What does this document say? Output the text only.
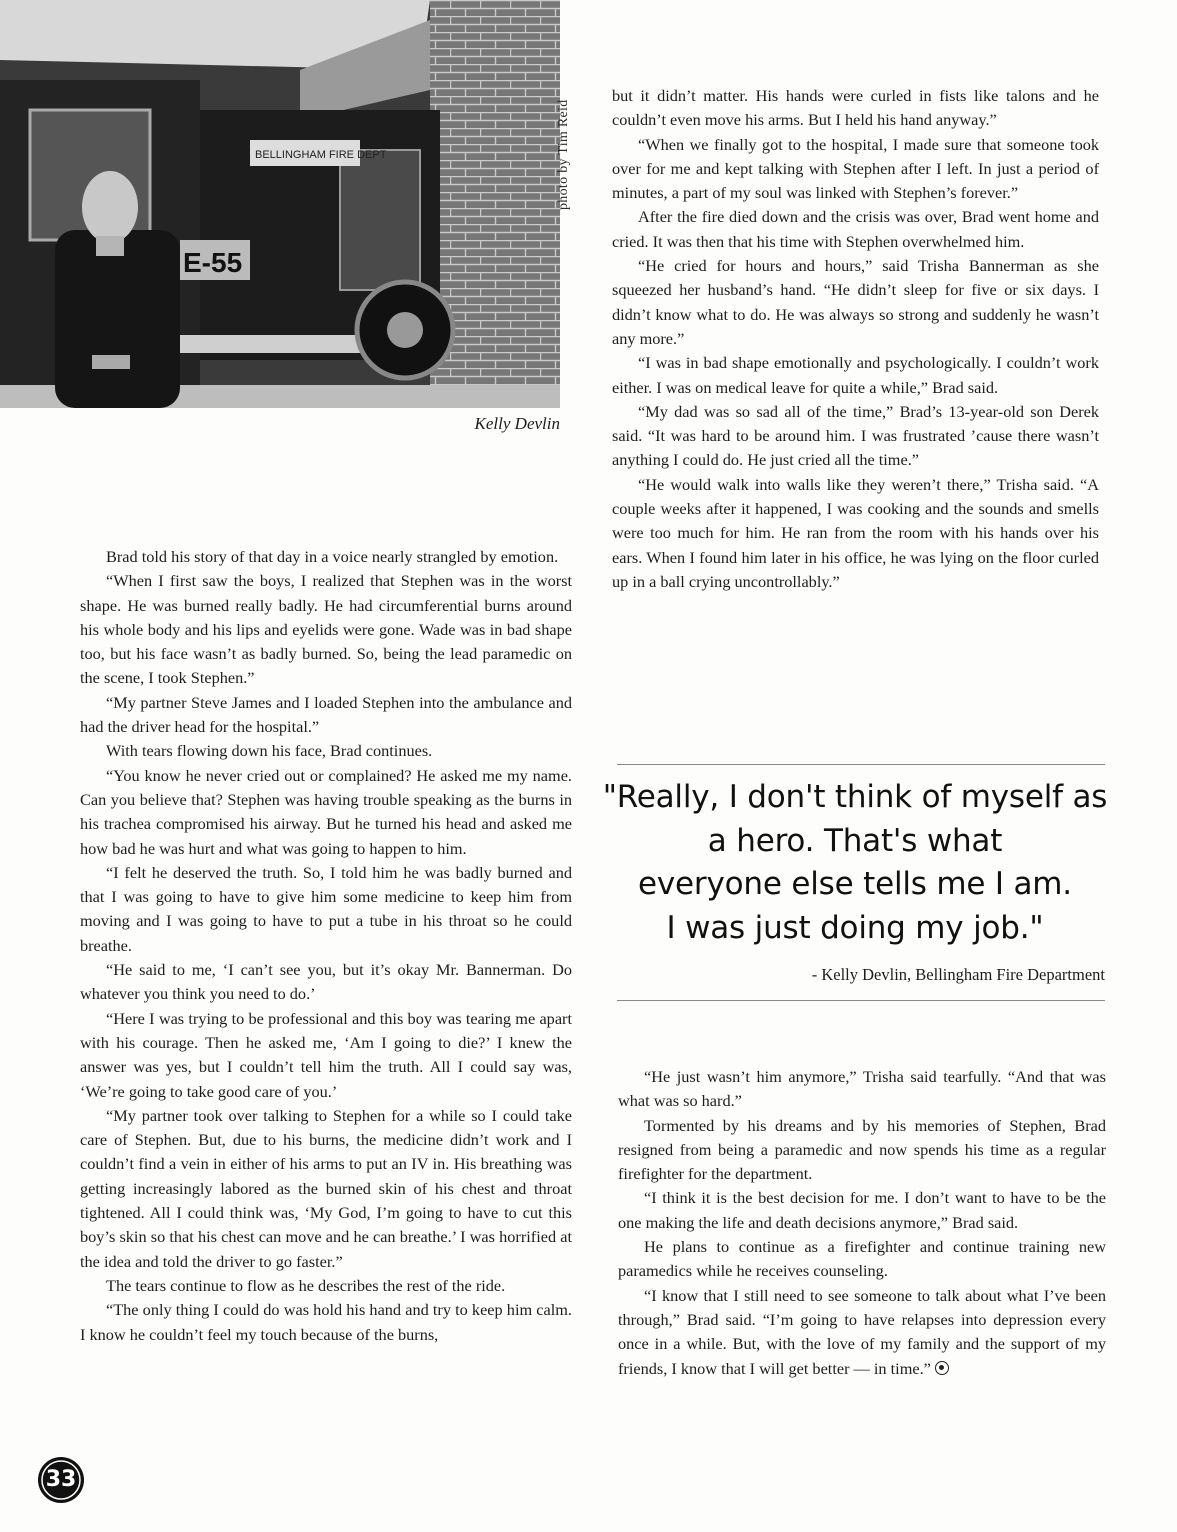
BELLINGHAM FIRE DEPT
E-55
photo by Tim Reid
Kelly Devlin

Brad told his story of that day in a voice nearly strangled by emotion.

“When I first saw the boys, I realized that Stephen was in the worst shape. He was burned really badly. He had circumferential burns around his whole body and his lips and eyelids were gone. Wade was in bad shape too, but his face wasn’t as badly burned. So, being the lead paramedic on the scene, I took Stephen.”

“My partner Steve James and I loaded Stephen into the ambulance and had the driver head for the hospital.”

With tears flowing down his face, Brad continues.

“You know he never cried out or complained? He asked me my name. Can you believe that? Stephen was having trouble speaking as the burns in his trachea compromised his airway. But he turned his head and asked me how bad he was hurt and what was going to happen to him.

“I felt he deserved the truth. So, I told him he was badly burned and that I was going to have to give him some medicine to keep him from moving and I was going to have to put a tube in his throat so he could breathe.

“He said to me, ‘I can’t see you, but it’s okay Mr. Bannerman. Do whatever you think you need to do.’

“Here I was trying to be professional and this boy was tearing me apart with his courage. Then he asked me, ‘Am I going to die?’ I knew the answer was yes, but I couldn’t tell him the truth. All I could say was, ‘We’re going to take good care of you.’

“My partner took over talking to Stephen for a while so I could take care of Stephen. But, due to his burns, the medicine didn’t work and I couldn’t find a vein in either of his arms to put an IV in. His breathing was getting increasingly labored as the burned skin of his chest and throat tightened. All I could think was, ‘My God, I’m going to have to cut this boy’s skin so that his chest can move and he can breathe.’ I was horrified at the idea and told the driver to go faster.”

The tears continue to flow as he describes the rest of the ride.

“The only thing I could do was hold his hand and try to keep him calm. I know he couldn’t feel my touch because of the burns,

but it didn’t matter. His hands were curled in fists like talons and he couldn’t even move his arms. But I held his hand anyway.”

“When we finally got to the hospital, I made sure that someone took over for me and kept talking with Stephen after I left. In just a period of minutes, a part of my soul was linked with Stephen’s forever.”

After the fire died down and the crisis was over, Brad went home and cried. It was then that his time with Stephen overwhelmed him.

“He cried for hours and hours,” said Trisha Bannerman as she squeezed her husband’s hand. “He didn’t sleep for five or six days. I didn’t know what to do. He was always so strong and suddenly he wasn’t any more.”

“I was in bad shape emotionally and psychologically. I couldn’t work either. I was on medical leave for quite a while,” Brad said.

“My dad was so sad all of the time,” Brad’s 13-year-old son Derek said. “It was hard to be around him. I was frustrated ’cause there wasn’t anything I could do. He just cried all the time.”

“He would walk into walls like they weren’t there,” Trisha said. “A couple weeks after it happened, I was cooking and the sounds and smells were too much for him. He ran from the room with his hands over his ears. When I found him later in his office, he was lying on the floor curled up in a ball crying uncontrollably.”

"Really, I don't think of myself as
a hero. That's what
everyone else tells me I am.
I was just doing my job."
- Kelly Devlin, Bellingham Fire Department

“He just wasn’t him anymore,” Trisha said tearfully. “And that was what was so hard.”

Tormented by his dreams and by his memories of Stephen, Brad resigned from being a paramedic and now spends his time as a regular firefighter for the department.

“I think it is the best decision for me. I don’t want to have to be the one making the life and death decisions anymore,” Brad said.

He plans to continue as a firefighter and continue training new paramedics while he receives counseling.

“I know that I still need to see someone to talk about what I’ve been through,” Brad said. “I’m going to have relapses into depression every once in a while. But, with the love of my family and the support of my friends, I know that I will get better — in time.”

33
